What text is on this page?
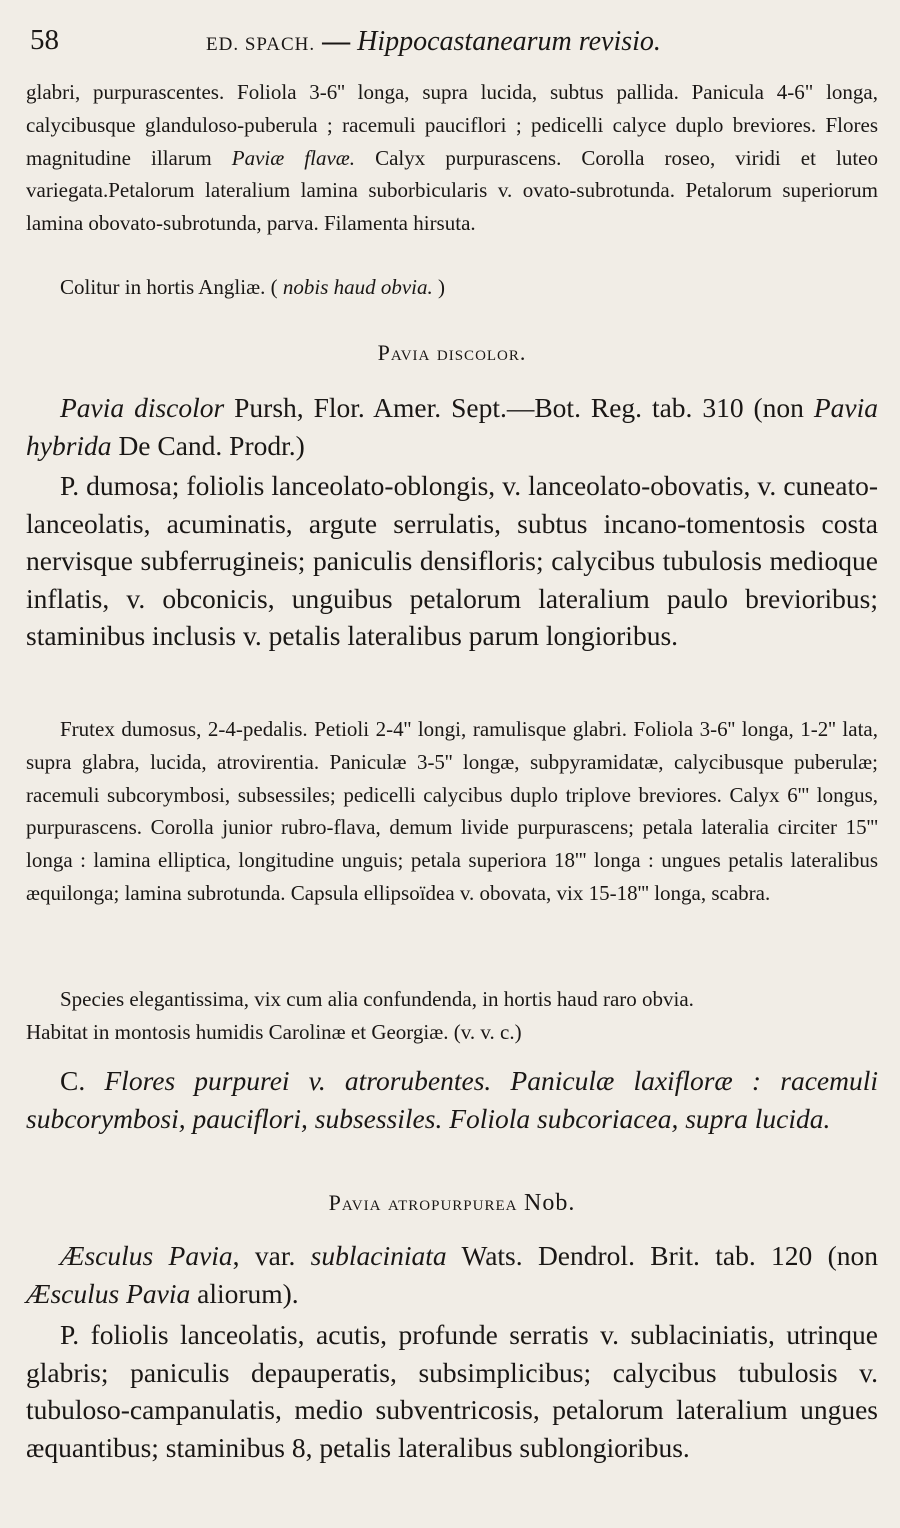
58	ED. SPACH. — Hippocastanearum revisio.

glabri, purpurascentes. Foliola 3-6'' longa, supra lucida, subtus pallida. Panicula 4-6" longa, calycibusque glanduloso-puberula ; racemuli pauciflori ; pedicelli calyce duplo breviores. Flores magnitudine illarum Paviæ flavæ. Calyx purpurascens. Corolla roseo, viridi et luteo variegata.Petalorum lateralium lamina suborbicularis v. ovato-subrotunda. Petalorum superiorum lamina obovato-subrotunda, parva. Filamenta hirsuta.

Colitur in hortis Angliæ. ( nobis haud obvia. )

Pavia discolor.

Pavia discolor Pursh, Flor. Amer. Sept.—Bot. Reg. tab. 310 (non Pavia hybrida De Cand. Prodr.)

P. dumosa; foliolis lanceolato-oblongis, v. lanceolato-obovatis, v. cuneato-lanceolatis, acuminatis, argute serrulatis, subtus incano-tomentosis costa nervisque subferrugineis; paniculis densifloris; calycibus tubulosis medioque inflatis, v. obconicis, unguibus petalorum lateralium paulo brevioribus; staminibus inclusis v. petalis lateralibus parum longioribus.

Frutex dumosus, 2-4-pedalis. Petioli 2-4'' longi, ramulisque glabri. Foliola 3-6'' longa, 1-2'' lata, supra glabra, lucida, atrovirentia. Paniculæ 3-5'' longæ, subpyramidatæ, calycibusque puberulæ; racemuli subcorymbosi, subsessiles; pedicelli calycibus duplo triplove breviores. Calyx 6''' longus, purpurascens. Corolla junior rubro-flava, demum livide purpurascens; petala lateralia circiter 15''' longa : lamina elliptica, longitudine unguis; petala superiora 18''' longa : ungues petalis lateralibus æquilonga; lamina subrotunda. Capsula ellipsoïdea v. obovata, vix 15-18''' longa, scabra.

Species elegantissima, vix cum alia confundenda, in hortis haud raro obvia.

Habitat in montosis humidis Carolinæ et Georgiæ. (v. v. c.)

C. Flores purpurei v. atrorubentes. Paniculæ laxifloræ : racemuli subcorymbosi, pauciflori, subsessiles. Foliola subcoriacea, supra lucida.

Pavia atropurpurea Nob.

Æsculus Pavia, var. sublaciniata Wats. Dendrol. Brit. tab. 120 (non Æsculus Pavia aliorum).

P. foliolis lanceolatis, acutis, profunde serratis v. sublaciniatis, utrinque glabris; paniculis depauperatis, subsimplicibus; calycibus tubulosis v. tubuloso-campanulatis, medio subventricosis, petalorum lateralium ungues æquantibus; staminibus 8, petalis lateralibus sublongioribus.
